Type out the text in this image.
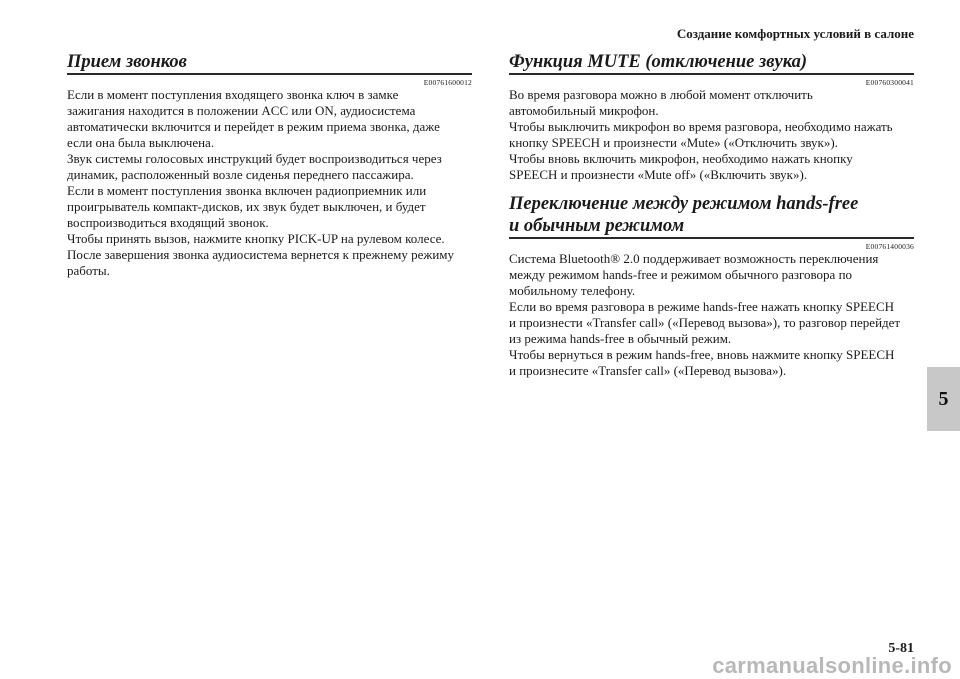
Создание комфортных условий в салоне
Прием звонков
E00761600012

Если в момент поступления входящего звонка ключ в замке

зажигания находится в положении ACC или ON, аудиосистема

автоматически включится и перейдет в режим приема звонка, даже

если она была выключена.

Звук системы голосовых инструкций будет воспроизводиться через

динамик, расположенный возле сиденья переднего пассажира.

Если в момент поступления звонка включен радиоприемник или

проигрыватель компакт-дисков, их звук будет выключен, и будет

воспроизводиться входящий звонок.

Чтобы принять вызов, нажмите кнопку PICK-UP на рулевом колесе.

После завершения звонка аудиосистема вернется к прежнему режиму

работы.

Функция MUTE (отключение звука)
E00760300041

Во время разговора можно в любой момент отключить

автомобильный микрофон.

Чтобы выключить микрофон во время разговора, необходимо нажать

кнопку SPEECH и произнести «Mute» («Отключить звук»).

Чтобы вновь включить микрофон, необходимо нажать кнопку

SPEECH и произнести «Mute off» («Включить звук»).

Переключение между режимом hands-free
и обычным режимом
E00761400036

Система Bluetooth® 2.0 поддерживает возможность переключения

между режимом hands-free и режимом обычного разговора по

мобильному телефону.

Если во время разговора в режиме hands-free нажать кнопку SPEECH

и произнести «Transfer call» («Перевод вызова»), то разговор перейдет

из режима hands-free в обычный режим.

Чтобы вернуться в режим hands-free, вновь нажмите кнопку SPEECH

и произнесите «Transfer call» («Перевод вызова»).

5
5-81
carmanualsonline.info
